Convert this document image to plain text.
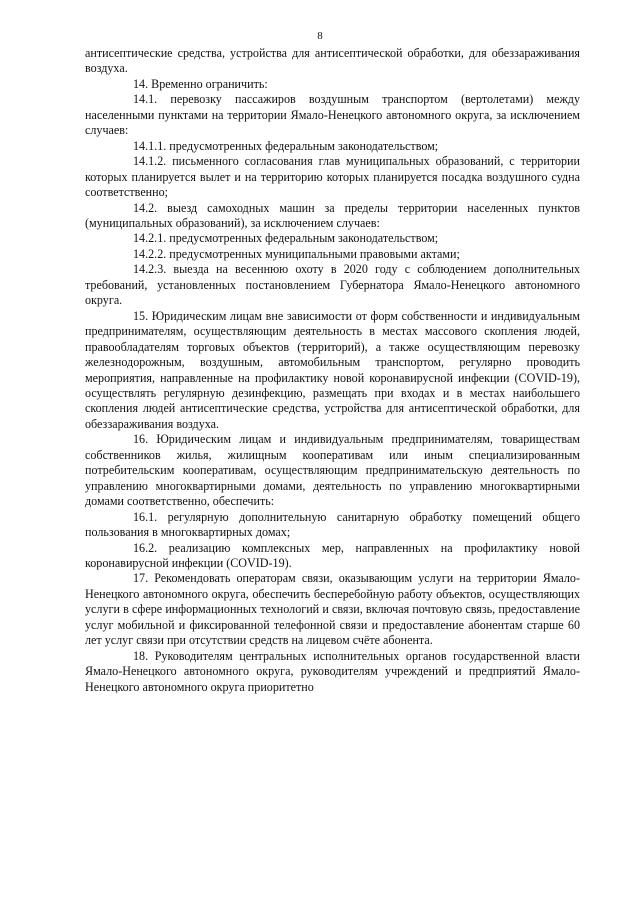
8

антисептические средства, устройства для антисептической обработки, для обеззараживания воздуха.

14. Временно ограничить:

14.1. перевозку пассажиров воздушным транспортом (вертолетами) между населенными пунктами на территории Ямало-Ненецкого автономного округа, за исключением случаев:

14.1.1. предусмотренных федеральным законодательством;

14.1.2. письменного согласования глав муниципальных образований, с территории которых планируется вылет и на территорию которых планируется посадка воздушного судна соответственно;

14.2. выезд самоходных машин за пределы территории населенных пунктов (муниципальных образований), за исключением случаев:

14.2.1. предусмотренных федеральным законодательством;

14.2.2. предусмотренных муниципальными правовыми актами;

14.2.3. выезда на весеннюю охоту в 2020 году с соблюдением дополнительных требований, установленных постановлением Губернатора Ямало-Ненецкого автономного округа.

15. Юридическим лицам вне зависимости от форм собственности и индивидуальным предпринимателям, осуществляющим деятельность в местах массового скопления людей, правообладателям торговых объектов (территорий), а также осуществляющим перевозку железнодорожным, воздушным, автомобильным транспортом, регулярно проводить мероприятия, направленные на профилактику новой коронавирусной инфекции (COVID-19), осуществлять регулярную дезинфекцию, размещать при входах и в местах наибольшего скопления людей антисептические средства, устройства для антисептической обработки, для обеззараживания воздуха.

16. Юридическим лицам и индивидуальным предпринимателям, товариществам собственников жилья, жилищным кооперативам или иным специализированным потребительским кооперативам, осуществляющим предпринимательскую деятельность по управлению многоквартирными домами, деятельность по управлению многоквартирными домами соответственно, обеспечить:

16.1. регулярную дополнительную санитарную обработку помещений общего пользования в многоквартирных домах;

16.2. реализацию комплексных мер, направленных на профилактику новой коронавирусной инфекции (COVID-19).

17. Рекомендовать операторам связи, оказывающим услуги на территории Ямало-Ненецкого автономного округа, обеспечить бесперебойную работу объектов, осуществляющих услуги в сфере информационных технологий и связи, включая почтовую связь, предоставление услуг мобильной и фиксированной телефонной связи и предоставление абонентам старше 60 лет услуг связи при отсутствии средств на лицевом счёте абонента.

18. Руководителям центральных исполнительных органов государственной власти Ямало-Ненецкого автономного округа, руководителям учреждений и предприятий Ямало-Ненецкого автономного округа приоритетно
